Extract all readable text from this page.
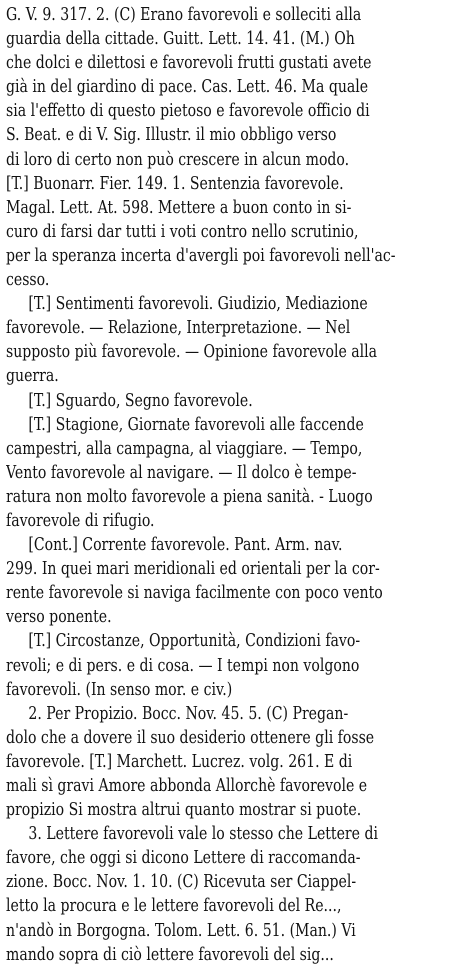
G. V. 9. 317. 2. (C) Erano favorevoli e solleciti alla
guardia della cittade. Guitt. Lett. 14. 41. (M.) Oh
che dolci e dilettosi e favorevoli frutti gustati avete
già in del giardino di pace. Cas. Lett. 46. Ma quale
sia l'effetto di questo pietoso e favorevole officio di
S. Beat. e di V. Sig. Illustr. il mio obbligo verso
di loro di certo non può crescere in alcun modo.
[T.] Buonarr. Fier. 149. 1. Sentenzia favorevole.
Magal. Lett. At. 598. Mettere a buon conto in si-
curo di farsi dar tutti i voti contro nello scrutinio,
per la speranza incerta d'avergli poi favorevoli nell'ac-
cesso.
[T.] Sentimenti favorevoli. Giudizio, Mediazione
favorevole. — Relazione, Interpretazione. — Nel
supposto più favorevole. — Opinione favorevole alla
guerra.
[T.] Sguardo, Segno favorevole.
[T.] Stagione, Giornate favorevoli alle faccende
campestri, alla campagna, al viaggiare. — Tempo,
Vento favorevole al navigare. — Il dolco è tempe-
ratura non molto favorevole a piena sanità. - Luogo
favorevole di rifugio.
[Cont.] Corrente favorevole. Pant. Arm. nav.
299. In quei mari meridionali ed orientali per la cor-
rente favorevole si naviga facilmente con poco vento
verso ponente.
[T.] Circostanze, Opportunità, Condizioni favo-
revoli; e di pers. e di cosa. — I tempi non volgono
favorevoli. (In senso mor. e civ.)
2. Per Propizio. Bocc. Nov. 45. 5. (C) Pregan-
dolo che a dovere il suo desiderio ottenere gli fosse
favorevole. [T.] Marchett. Lucrez. volg. 261. E di
mali sì gravi Amore abbonda Allorchè favorevole e
propizio Si mostra altrui quanto mostrar si puote.
3. Lettere favorevoli vale lo stesso che Lettere di
favore, che oggi si dicono Lettere di raccomanda-
zione. Bocc. Nov. 1. 10. (C) Ricevuta ser Ciappel-
letto la procura e le lettere favorevoli del Re...,
n'andò in Borgogna. Tolom. Lett. 6. 51. (Man.) Vi
mando sopra di ciò lettere favorevoli del sig...
